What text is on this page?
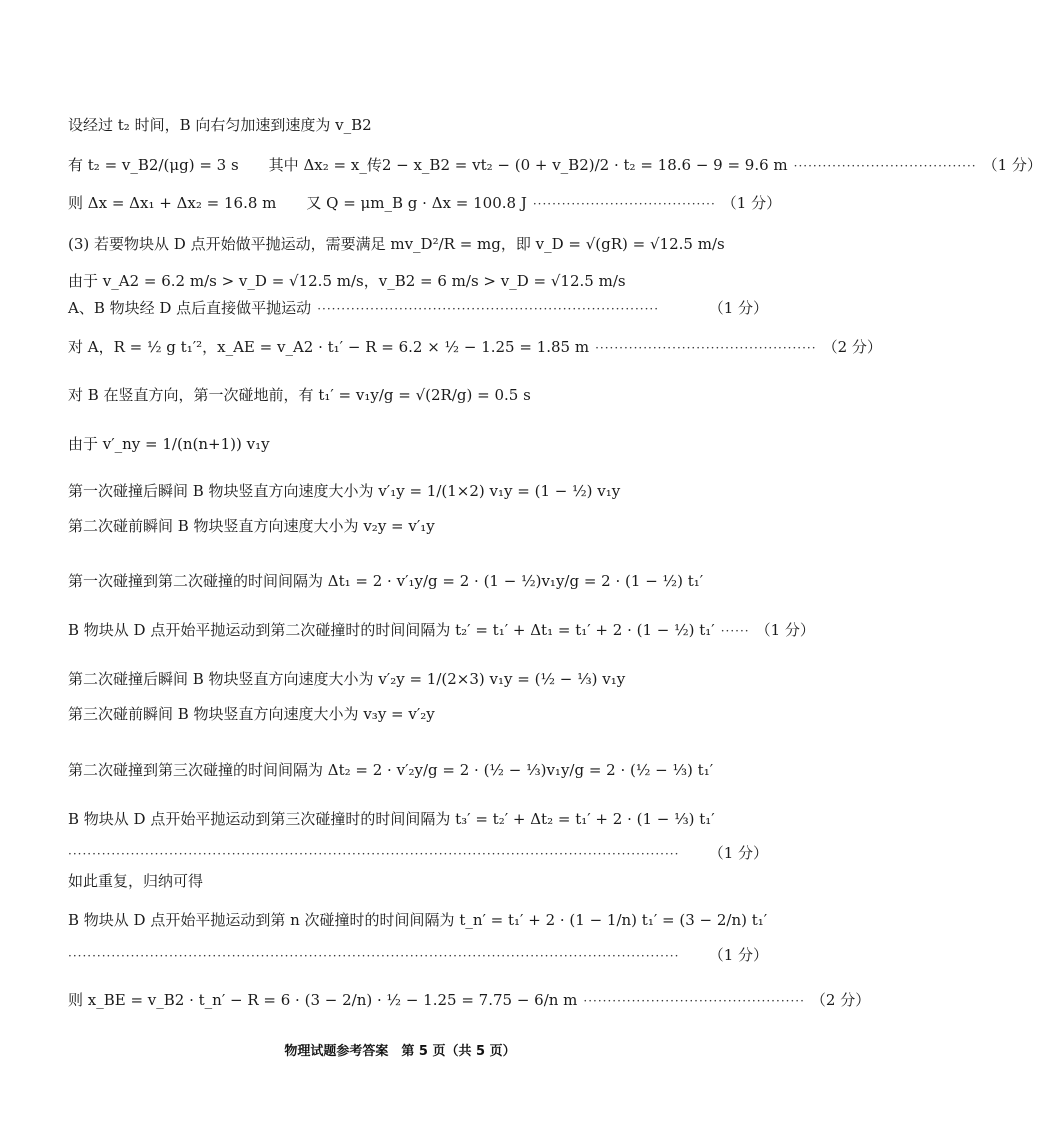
设经过 t₂ 时间，B 向右匀加速到速度为 v_B2
有 t₂ = v_B2/(μg) = 3 s　　其中 Δx₂ = x_传2 − x_B2 = vt₂ − (0 + v_B2)/2 · t₂ = 18.6 − 9 = 9.6 m ······································ （1 分）
则 Δx = Δx₁ + Δx₂ = 16.8 m　　又 Q = μm_B g · Δx = 100.8 J ······································ （1 分）
(3) 若要物块从 D 点开始做平抛运动，需要满足 mv_D²/R = mg，即 v_D = √(gR) = √12.5 m/s
由于 v_A2 = 6.2 m/s > v_D = √12.5 m/s，v_B2 = 6 m/s > v_D = √12.5 m/s
A、B 物块经 D 点后直接做平抛运动 ·······································································	（1 分）
对 A，R = ½ g t₁′²，x_AE = v_A2 · t₁′ − R = 6.2 × ½ − 1.25 = 1.85 m ·············································· （2 分）
对 B 在竖直方向，第一次碰地前，有 t₁′ = v₁y/g = √(2R/g) = 0.5 s
由于 v′_ny = 1/(n(n+1)) v₁y
第一次碰撞后瞬间 B 物块竖直方向速度大小为 v′₁y = 1/(1×2) v₁y = (1 − ½) v₁y
第二次碰前瞬间 B 物块竖直方向速度大小为 v₂y = v′₁y
第一次碰撞到第二次碰撞的时间间隔为 Δt₁ = 2 · v′₁y/g = 2 · (1 − ½)v₁y/g = 2 · (1 − ½) t₁′
B 物块从 D 点开始平抛运动到第二次碰撞时的时间间隔为 t₂′ = t₁′ + Δt₁ = t₁′ + 2 · (1 − ½) t₁′ ······ （1 分）
第二次碰撞后瞬间 B 物块竖直方向速度大小为 v′₂y = 1/(2×3) v₁y = (½ − ⅓) v₁y
第三次碰前瞬间 B 物块竖直方向速度大小为 v₃y = v′₂y
第二次碰撞到第三次碰撞的时间间隔为 Δt₂ = 2 · v′₂y/g = 2 · (½ − ⅓)v₁y/g = 2 · (½ − ⅓) t₁′
B 物块从 D 点开始平抛运动到第三次碰撞时的时间间隔为 t₃′ = t₂′ + Δt₂ = t₁′ + 2 · (1 − ⅓) t₁′
·······························································································································	（1 分）
如此重复，归纳可得
B 物块从 D 点开始平抛运动到第 n 次碰撞时的时间间隔为 t_n′ = t₁′ + 2 · (1 − 1/n) t₁′ = (3 − 2/n) t₁′
·······························································································································	（1 分）
则 x_BE = v_B2 · t_n′ − R = 6 · (3 − 2/n) · ½ − 1.25 = 7.75 − 6/n m ·············································· （2 分）
物理试题参考答案　第 5 页（共 5 页）
